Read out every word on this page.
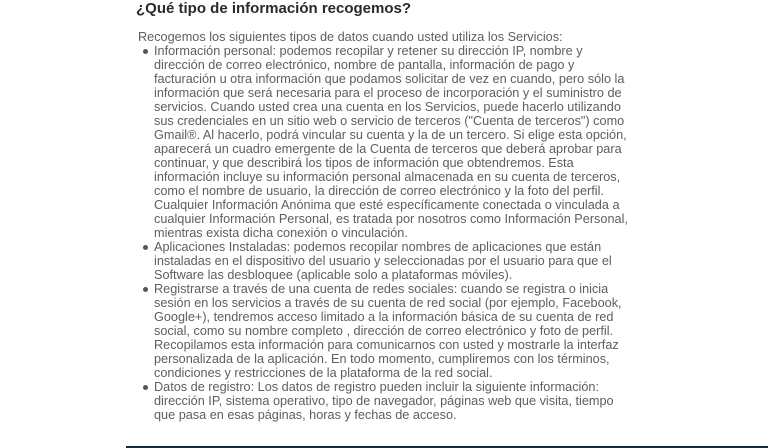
¿Qué tipo de información recogemos?

Recogemos los siguientes tipos de datos cuando usted utiliza los Servicios:

Información personal: podemos recopilar y retener su dirección IP, nombre y
dirección de correo electrónico, nombre de pantalla, información de pago y
facturación u otra información que podamos solicitar de vez en cuando, pero sólo la
información que será necesaria para el proceso de incorporación y el suministro de
servicios. Cuando usted crea una cuenta en los Servicios, puede hacerlo utilizando
sus credenciales en un sitio web o servicio de terceros ("Cuenta de terceros") como
Gmail®. Al hacerlo, podrá vincular su cuenta y la de un tercero. Si elige esta opción,
aparecerá un cuadro emergente de la Cuenta de terceros que deberá aprobar para
continuar, y que describirá los tipos de información que obtendremos. Esta
información incluye su información personal almacenada en su cuenta de terceros,
como el nombre de usuario, la dirección de correo electrónico y la foto del perfil.
Cualquier Información Anónima que esté específicamente conectada o vinculada a
cualquier Información Personal, es tratada por nosotros como Información Personal,
mientras exista dicha conexión o vinculación.
Aplicaciones Instaladas: podemos recopilar nombres de aplicaciones que están
instaladas en el dispositivo del usuario y seleccionadas por el usuario para que el
Software las desbloquee (aplicable solo a plataformas móviles).
Registrarse a través de una cuenta de redes sociales: cuando se registra o inicia
sesión en los servicios a través de su cuenta de red social (por ejemplo, Facebook,
Google+), tendremos acceso limitado a la información básica de su cuenta de red
social, como su nombre completo , dirección de correo electrónico y foto de perfil.
Recopilamos esta información para comunicarnos con usted y mostrarle la interfaz
personalizada de la aplicación. En todo momento, cumpliremos con los términos,
condiciones y restricciones de la plataforma de la red social.
Datos de registro: Los datos de registro pueden incluir la siguiente información:
dirección IP, sistema operativo, tipo de navegador, páginas web que visita, tiempo
que pasa en esas páginas, horas y fechas de acceso.
